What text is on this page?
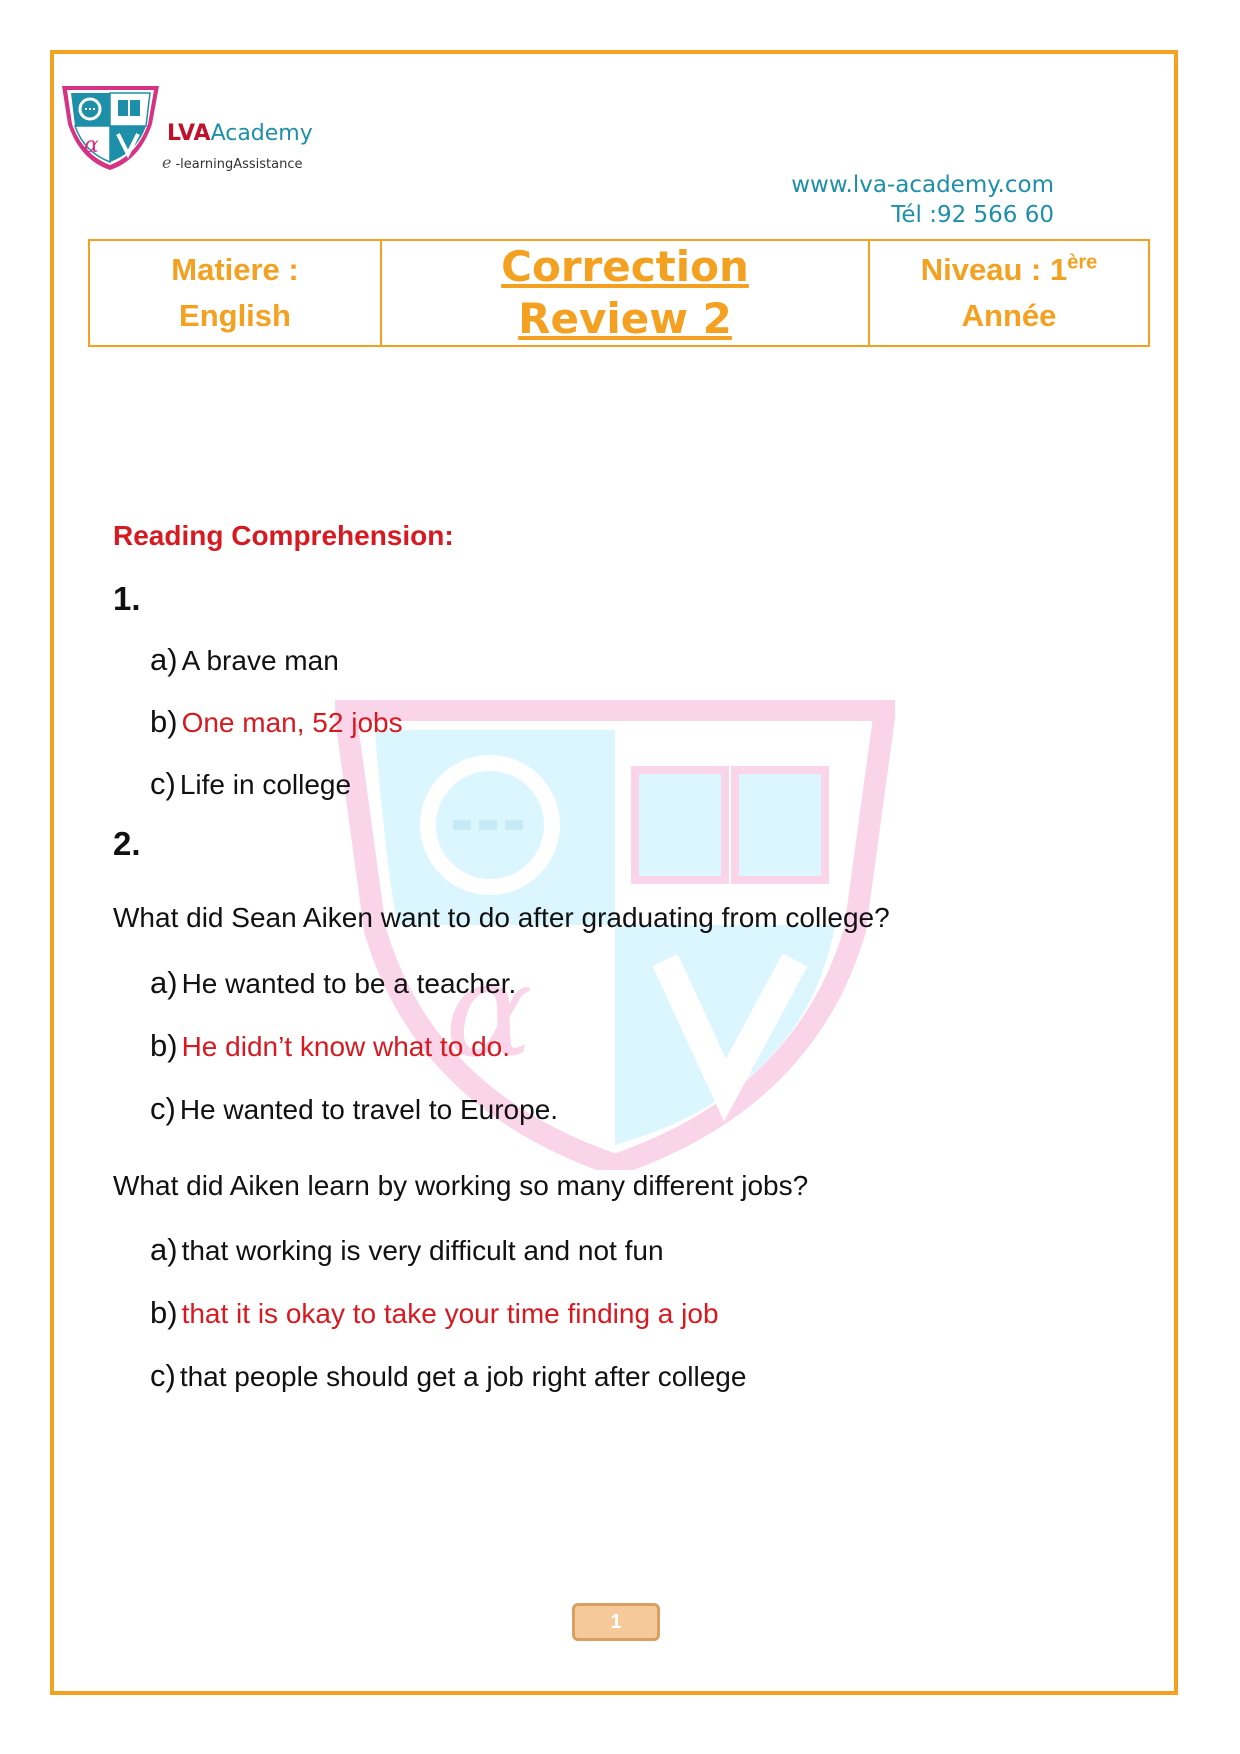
α	LVAAcademy
e -learningAssistance
www.lva-academy.com
Tél :92 566 60
Matiere :
English

Correction
Review 2

Niveau : 1ère
Année
α
Reading Comprehension:
1.
a) A brave man
b) One man, 52 jobs
c) Life in college
2.
What did Sean Aiken want to do after graduating from college?
a) He wanted to be a teacher.
b) He didn’t know what to do.
c) He wanted to travel to Europe.
What did Aiken learn by working so many different jobs?
a) that working is very difficult and not fun
b) that it is okay to take your time finding a job
c) that people should get a job right after college
1
